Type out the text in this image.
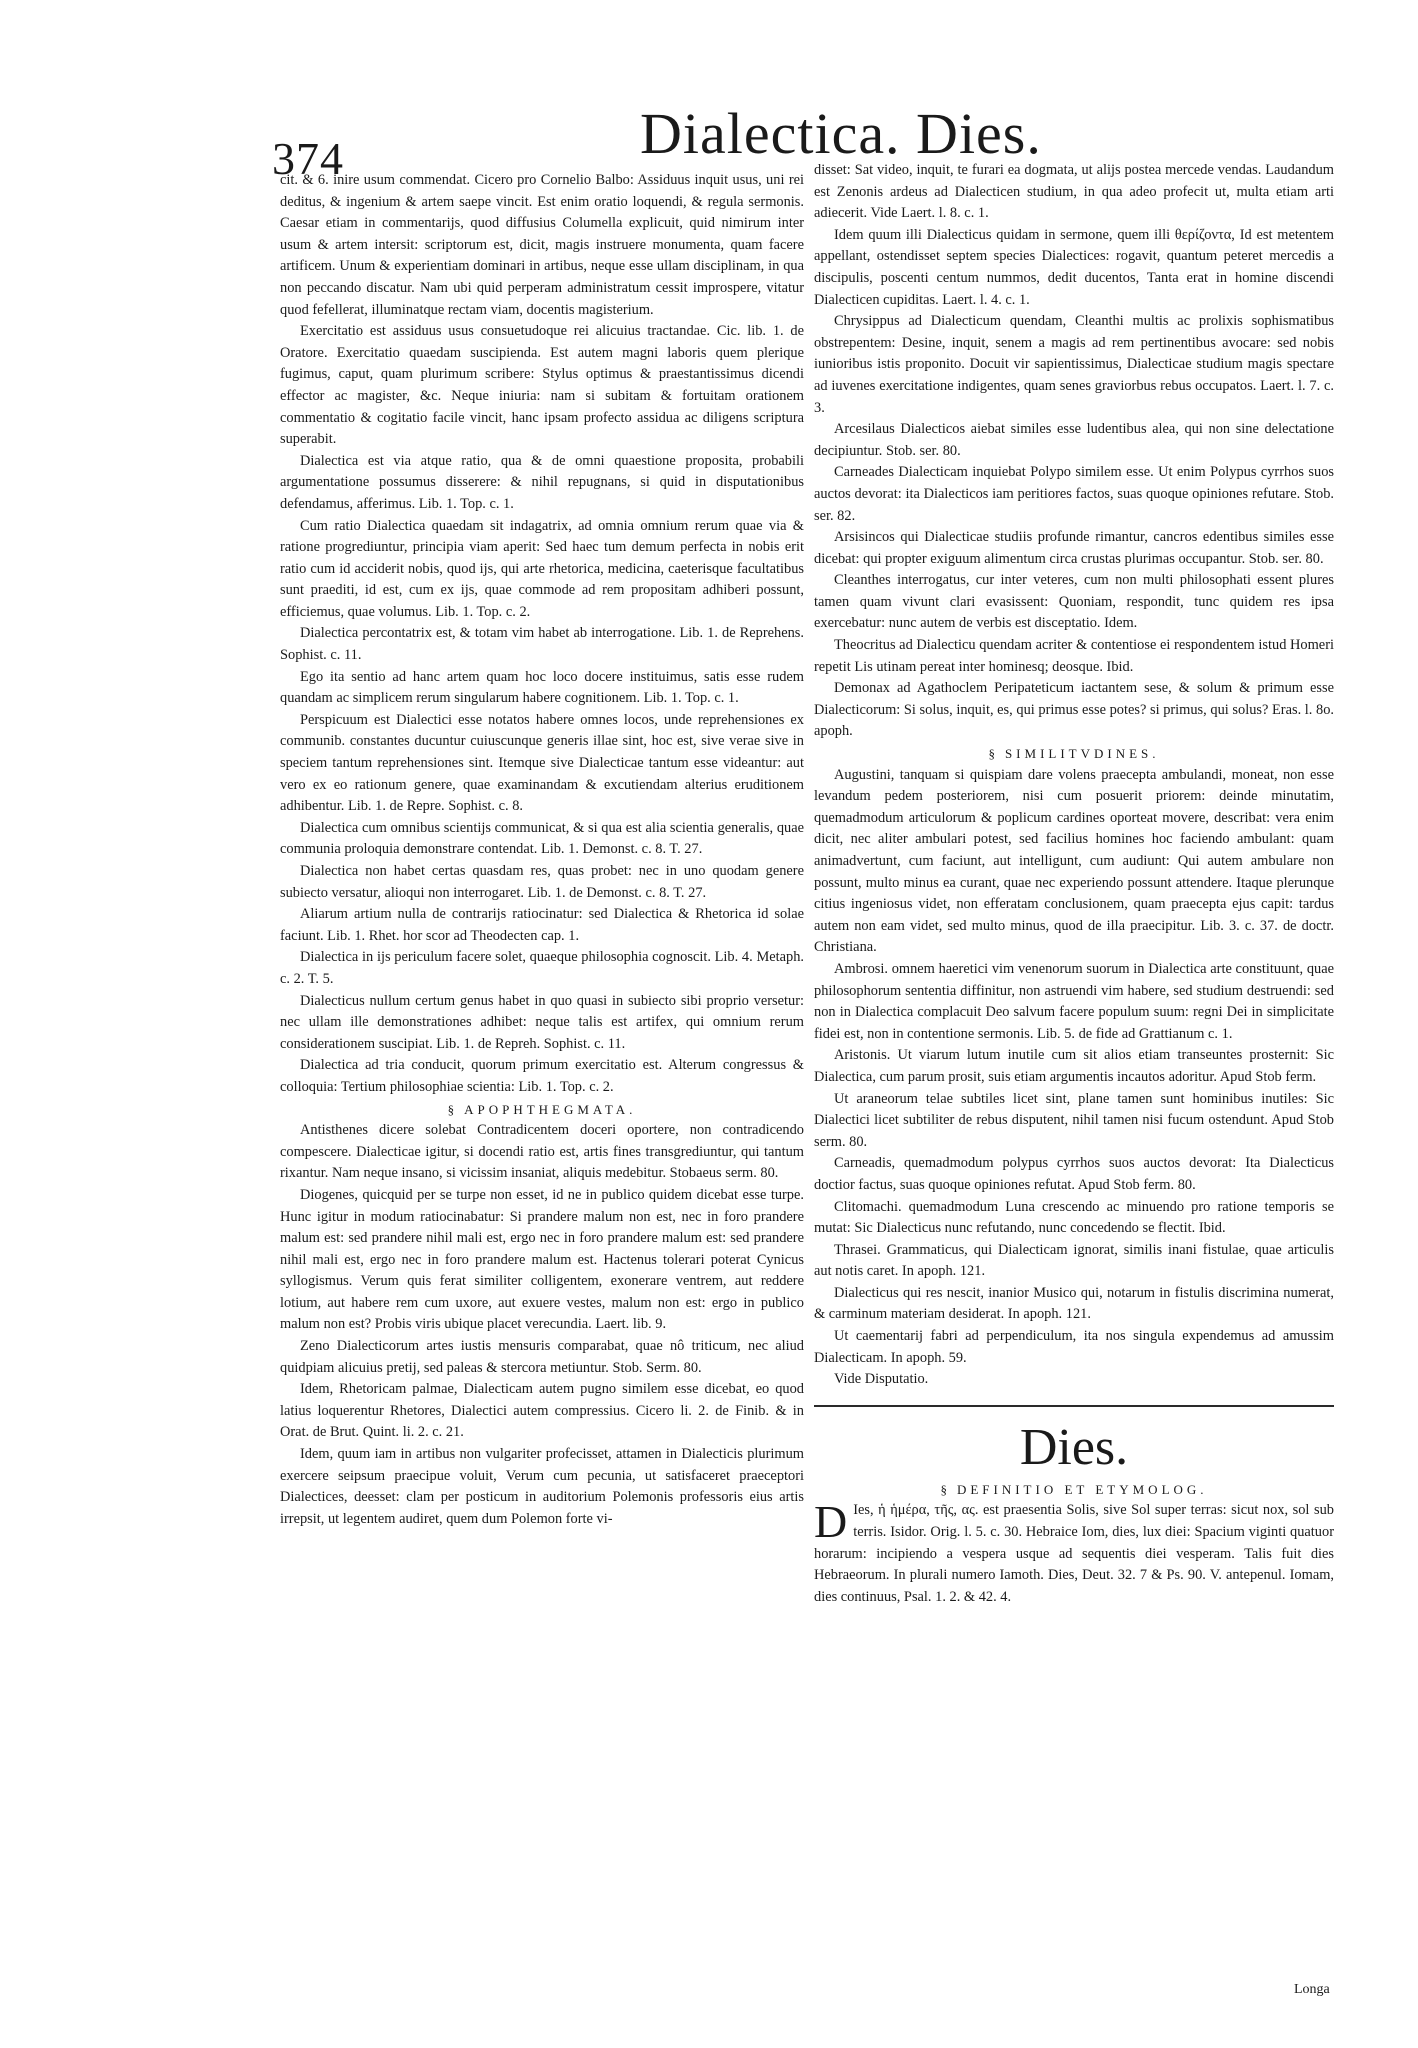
374	Dialectica. Dies.

cit. & 6. inire usum commendat. Cicero pro Cornelio Balbo: Assiduus inquit usus, uni rei deditus, & ingenium & artem saepe vincit. Est enim oratio loquendi, & regula sermonis. Caesar etiam in commentarijs, quod diffusius Columella explicuit, quid nimirum inter usum & artem intersit: scriptorum est, dicit, magis instruere monumenta, quam facere artificem. Unum & experientiam dominari in artibus, neque esse ullam disciplinam, in qua non peccando discatur. Nam ubi quid perperam administratum cessit improspere, vitatur quod fefellerat, illuminatque rectam viam, docentis magisterium.

Exercitatio est assiduus usus consuetudoque rei alicuius tractandae. Cic. lib. 1. de Oratore. Exercitatio quaedam suscipienda. Est autem magni laboris quem plerique fugimus, caput, quam plurimum scribere: Stylus optimus & praestantissimus dicendi effector ac magister, &c. Neque iniuria: nam si subitam & fortuitam orationem commentatio & cogitatio facile vincit, hanc ipsam profecto assidua ac diligens scriptura superabit.

Dialectica est via atque ratio, qua & de omni quaestione proposita, probabili argumentatione possumus disserere: & nihil repugnans, si quid in disputationibus defendamus, afferimus. Lib. 1. Top. c. 1.

Cum ratio Dialectica quaedam sit indagatrix, ad omnia omnium rerum quae via & ratione progrediuntur, principia viam aperit: Sed haec tum demum perfecta in nobis erit ratio cum id acciderit nobis, quod ijs, qui arte rhetorica, medicina, caeterisque facultatibus sunt praediti, id est, cum ex ijs, quae commode ad rem propositam adhiberi possunt, efficiemus, quae volumus. Lib. 1. Top. c. 2.

Dialectica percontatrix est, & totam vim habet ab interrogatione. Lib. 1. de Reprehens. Sophist. c. 11.

Ego ita sentio ad hanc artem quam hoc loco docere instituimus, satis esse rudem quandam ac simplicem rerum singularum habere cognitionem. Lib. 1. Top. c. 1.

Perspicuum est Dialectici esse notatos habere omnes locos, unde reprehensiones ex communib. constantes ducuntur cuiuscunque generis illae sint, hoc est, sive verae sive in speciem tantum reprehensiones sint. Itemque sive Dialecticae tantum esse videantur: aut vero ex eo rationum genere, quae examinandam & excutiendam alterius eruditionem adhibentur. Lib. 1. de Repre. Sophist. c. 8.

Dialectica cum omnibus scientijs communicat, & si qua est alia scientia generalis, quae communia proloquia demonstrare contendat. Lib. 1. Demonst. c. 8. T. 27.

Dialectica non habet certas quasdam res, quas probet: nec in uno quodam genere subiecto versatur, alioqui non interrogaret. Lib. 1. de Demonst. c. 8. T. 27.

Aliarum artium nulla de contrarijs ratiocinatur: sed Dialectica & Rhetorica id solae faciunt. Lib. 1. Rhet. hor scor ad Theodecten cap. 1.

Dialectica in ijs periculum facere solet, quaeque philosophia cognoscit. Lib. 4. Metaph. c. 2. T. 5.

Dialecticus nullum certum genus habet in quo quasi in subiecto sibi proprio versetur: nec ullam ille demonstrationes adhibet: neque talis est artifex, qui omnium rerum considerationem suscipiat. Lib. 1. de Repreh. Sophist. c. 11.

Dialectica ad tria conducit, quorum primum exercitatio est. Alterum congressus & colloquia: Tertium philosophiae scientia: Lib. 1. Top. c. 2.

§ APOPHTHEGMATA.

Antisthenes dicere solebat Contradicentem doceri oportere, non contradicendo compescere. Dialecticae igitur, si docendi ratio est, artis fines transgrediuntur, qui tantum rixantur. Nam neque insano, si vicissim insaniat, aliquis medebitur. Stobaeus serm. 80.

Diogenes, quicquid per se turpe non esset, id ne in publico quidem dicebat esse turpe. Hunc igitur in modum ratiocinabatur: Si prandere malum non est, nec in foro prandere malum est: sed prandere nihil mali est, ergo nec in foro prandere malum est: sed prandere nihil mali est, ergo nec in foro prandere malum est. Hactenus tolerari poterat Cynicus syllogismus. Verum quis ferat similiter colligentem, exonerare ventrem, aut reddere lotium, aut habere rem cum uxore, aut exuere vestes, malum non est: ergo in publico malum non est? Probis viris ubique placet verecundia. Laert. lib. 9.

Zeno Dialecticorum artes iustis mensuris comparabat, quae nô triticum, nec aliud quidpiam alicuius pretij, sed paleas & stercora metiuntur. Stob. Serm. 80.

Idem, Rhetoricam palmae, Dialecticam autem pugno similem esse dicebat, eo quod latius loquerentur Rhetores, Dialectici autem compressius. Cicero li. 2. de Finib. & in Orat. de Brut. Quint. li. 2. c. 21.

Idem, quum iam in artibus non vulgariter profecisset, attamen in Dialecticis plurimum exercere seipsum praecipue voluit, Verum cum pecunia, ut satisfaceret praeceptori Dialectices, deesset: clam per posticum in auditorium Polemonis professoris eius artis irrepsit, ut legentem audiret, quem dum Polemon forte vi-

disset: Sat video, inquit, te furari ea dogmata, ut alijs postea mercede vendas. Laudandum est Zenonis ardeus ad Dialecticen studium, in qua adeo profecit ut, multa etiam arti adiecerit. Vide Laert. l. 8. c. 1.

Idem quum illi Dialecticus quidam in sermone, quem illi θερίζοντα, Id est metentem appellant, ostendisset septem species Dialectices: rogavit, quantum peteret mercedis a discipulis, poscenti centum nummos, dedit ducentos, Tanta erat in homine discendi Dialecticen cupiditas. Laert. l. 4. c. 1.

Chrysippus ad Dialecticum quendam, Cleanthi multis ac prolixis sophismatibus obstrepentem: Desine, inquit, senem a magis ad rem pertinentibus avocare: sed nobis iunioribus istis proponito. Docuit vir sapientissimus, Dialecticae studium magis spectare ad iuvenes exercitatione indigentes, quam senes graviorbus rebus occupatos. Laert. l. 7. c. 3.

Arcesilaus Dialecticos aiebat similes esse ludentibus alea, qui non sine delectatione decipiuntur. Stob. ser. 80.

Carneades Dialecticam inquiebat Polypo similem esse. Ut enim Polypus cyrrhos suos auctos devorat: ita Dialecticos iam peritiores factos, suas quoque opiniones refutare. Stob. ser. 82.

Arsisincos qui Dialecticae studiis profunde rimantur, cancros edentibus similes esse dicebat: qui propter exiguum alimentum circa crustas plurimas occupantur. Stob. ser. 80.

Cleanthes interrogatus, cur inter veteres, cum non multi philosophati essent plures tamen quam vivunt clari evasissent: Quoniam, respondit, tunc quidem res ipsa exercebatur: nunc autem de verbis est disceptatio. Idem.

Theocritus ad Dialecticu quendam acriter & contentiose ei respondentem istud Homeri repetit Lis utinam pereat inter hominesq; deosque. Ibid.

Demonax ad Agathoclem Peripateticum iactantem sese, & solum & primum esse Dialecticorum: Si solus, inquit, es, qui primus esse potes? si primus, qui solus? Eras. l. 8o. apoph.

§ SIMILITVDINES.

Augustini, tanquam si quispiam dare volens praecepta ambulandi, moneat, non esse levandum pedem posteriorem, nisi cum posuerit priorem: deinde minutatim, quemadmodum articulorum & poplicum cardines oporteat movere, describat: vera enim dicit, nec aliter ambulari potest, sed facilius homines hoc faciendo ambulant: quam animadvertunt, cum faciunt, aut intelligunt, cum audiunt: Qui autem ambulare non possunt, multo minus ea curant, quae nec experiendo possunt attendere. Itaque plerunque citius ingeniosus videt, non efferatam conclusionem, quam praecepta ejus capit: tardus autem non eam videt, sed multo minus, quod de illa praecipitur. Lib. 3. c. 37. de doctr. Christiana.

Ambrosi. omnem haeretici vim venenorum suorum in Dialectica arte constituunt, quae philosophorum sententia diffinitur, non astruendi vim habere, sed studium destruendi: sed non in Dialectica complacuit Deo salvum facere populum suum: regni Dei in simplicitate fidei est, non in contentione sermonis. Lib. 5. de fide ad Grattianum c. 1.

Aristonis. Ut viarum lutum inutile cum sit alios etiam transeuntes prosternit: Sic Dialectica, cum parum prosit, suis etiam argumentis incautos adoritur. Apud Stob ferm.

Ut araneorum telae subtiles licet sint, plane tamen sunt hominibus inutiles: Sic Dialectici licet subtiliter de rebus disputent, nihil tamen nisi fucum ostendunt. Apud Stob serm. 80.

Carneadis, quemadmodum polypus cyrrhos suos auctos devorat: Ita Dialecticus doctior factus, suas quoque opiniones refutat. Apud Stob ferm. 80.

Clitomachi. quemadmodum Luna crescendo ac minuendo pro ratione temporis se mutat: Sic Dialecticus nunc refutando, nunc concedendo se flectit. Ibid.

Thrasei. Grammaticus, qui Dialecticam ignorat, similis inani fistulae, quae articulis aut notis caret. In apoph. 121.

Dialecticus qui res nescit, inanior Musico qui, notarum in fistulis discrimina numerat, & carminum materiam desiderat. In apoph. 121.

Ut caementarij fabri ad perpendiculum, ita nos singula expendemus ad amussim Dialecticam. In apoph. 59.

Vide Disputatio.

Dies.

§ DEFINITIO ET ETYMOLOG.

D Ies, ἡ ἡμέρα, τῆς, ας. est praesentia Solis, sive Sol super terras: sicut nox, sol sub terris. Isidor. Orig. l. 5. c. 30. Hebraice Iom, dies, lux diei: Spacium viginti quatuor horarum: incipiendo a vespera usque ad sequentis diei vesperam. Talis fuit dies Hebraeorum. In plurali numero Iamoth. Dies, Deut. 32. 7 & Ps. 90. V. antepenul. Iomam, dies continuus, Psal. 1. 2. & 42. 4.

Longa
